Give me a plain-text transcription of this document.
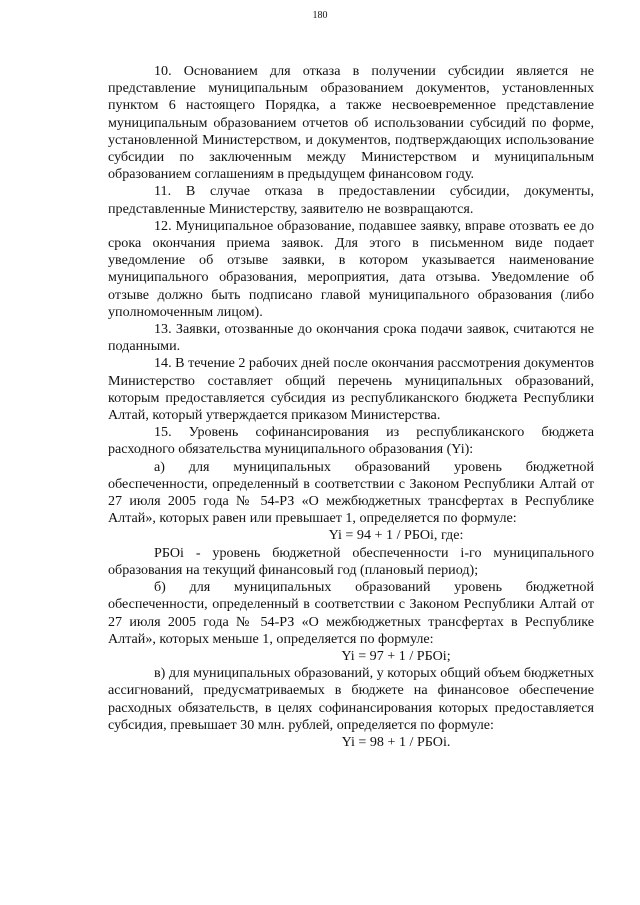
180

10. Основанием для отказа в получении субсидии является не представление муниципальным образованием документов, установленных пунктом 6 настоящего Порядка, а также несвоевременное представление муниципальным образованием отчетов об использовании субсидий по форме, установленной Министерством, и документов, подтверждающих использование субсидии по заключенным между Министерством и муниципальным образованием соглашениям в предыдущем финансовом году.

11. В случае отказа в предоставлении субсидии, документы, представленные Министерству, заявителю не возвращаются.

12. Муниципальное образование, подавшее заявку, вправе отозвать ее до срока окончания приема заявок. Для этого в письменном виде подает уведомление об отзыве заявки, в котором указывается наименование муниципального образования, мероприятия, дата отзыва. Уведомление об отзыве должно быть подписано главой муниципального образования (либо уполномоченным лицом).

13. Заявки, отозванные до окончания срока подачи заявок, считаются не поданными.

14. В течение 2 рабочих дней после окончания рассмотрения документов Министерство составляет общий перечень муниципальных образований, которым предоставляется субсидия из республиканского бюджета Республики Алтай, который утверждается приказом Министерства.

15. Уровень софинансирования из республиканского бюджета расходного обязательства муниципального образования (Yi):

а) для муниципальных образований уровень бюджетной обеспеченности, определенный в соответствии с Законом Республики Алтай от 27 июля 2005 года № 54-РЗ «О межбюджетных трансфертах в Республике Алтай», которых равен или превышает 1, определяется по формуле:

Yi = 94 + 1 / РБОi, где:

РБОi - уровень бюджетной обеспеченности i-го муниципального образования на текущий финансовый год (плановый период);

б) для муниципальных образований уровень бюджетной обеспеченности, определенный в соответствии с Законом Республики Алтай от 27 июля 2005 года № 54-РЗ «О межбюджетных трансфертах в Республике Алтай», которых меньше 1, определяется по формуле:

Yi = 97 + 1 / РБОi;

в) для муниципальных образований, у которых общий объем бюджетных ассигнований, предусматриваемых в бюджете на финансовое обеспечение расходных обязательств, в целях софинансирования которых предоставляется субсидия, превышает 30 млн. рублей, определяется по формуле:

Yi = 98 + 1 / РБОi.
